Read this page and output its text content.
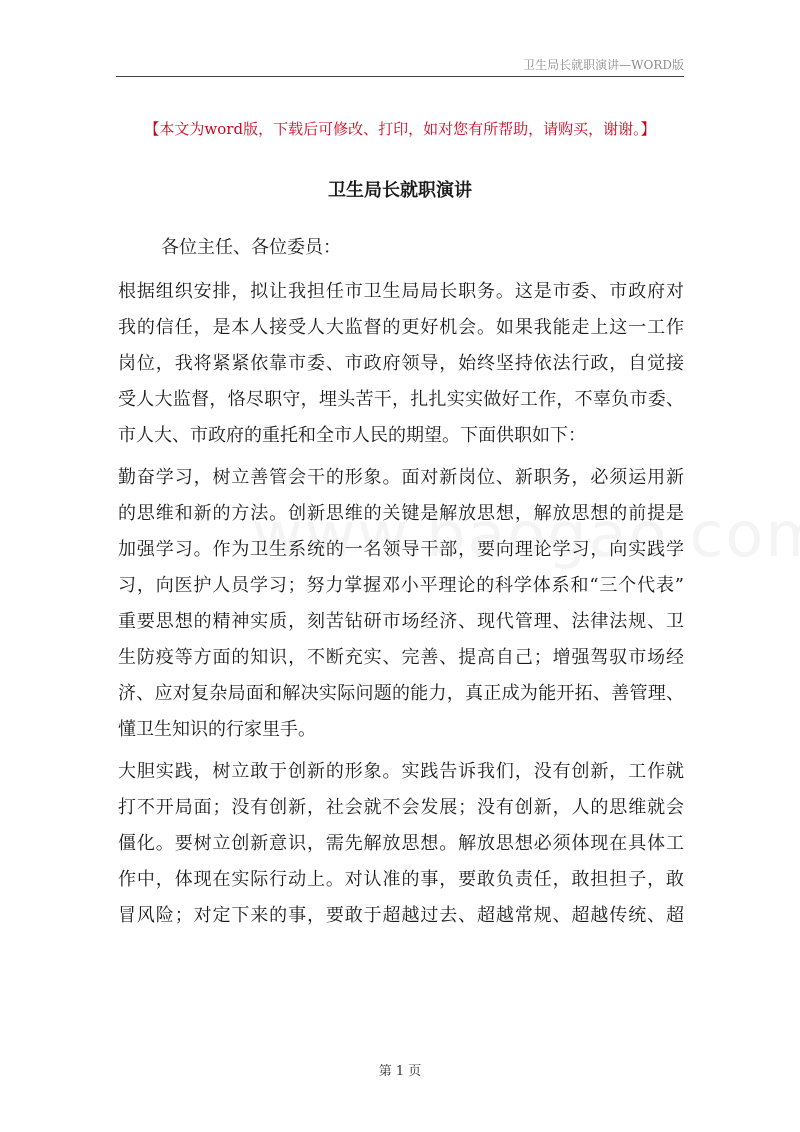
卫生局长就职演讲—WORD版
【本文为word版，下载后可修改、打印，如对您有所帮助，请购买，谢谢。】
卫生局长就职演讲
各位主任、各位委员：
根据组织安排，拟让我担任市卫生局局长职务。这是市委、市政府对
我的信任，是本人接受人大监督的更好机会。如果我能走上这一工作
岗位，我将紧紧依靠市委、市政府领导，始终坚持依法行政，自觉接
受人大监督，恪尽职守，埋头苦干，扎扎实实做好工作，不辜负市委、
市人大、市政府的重托和全市人民的期望。下面供职如下：
勤奋学习，树立善管会干的形象。面对新岗位、新职务，必须运用新
的思维和新的方法。创新思维的关键是解放思想，解放思想的前提是
加强学习。作为卫生系统的一名领导干部，要向理论学习，向实践学
习，向医护人员学习；努力掌握邓小平理论的科学体系和“三个代表”
重要思想的精神实质，刻苦钻研市场经济、现代管理、法律法规、卫
生防疫等方面的知识，不断充实、完善、提高自己；增强驾驭市场经
济、应对复杂局面和解决实际问题的能力，真正成为能开拓、善管理、
懂卫生知识的行家里手。
大胆实践，树立敢于创新的形象。实践告诉我们，没有创新，工作就
打不开局面；没有创新，社会就不会发展；没有创新，人的思维就会
僵化。要树立创新意识，需先解放思想。解放思想必须体现在具体工
作中，体现在实际行动上。对认准的事，要敢负责任，敢担担子，敢
冒风险；对定下来的事，要敢于超越过去、超越常规、超越传统、超
第 1 页
